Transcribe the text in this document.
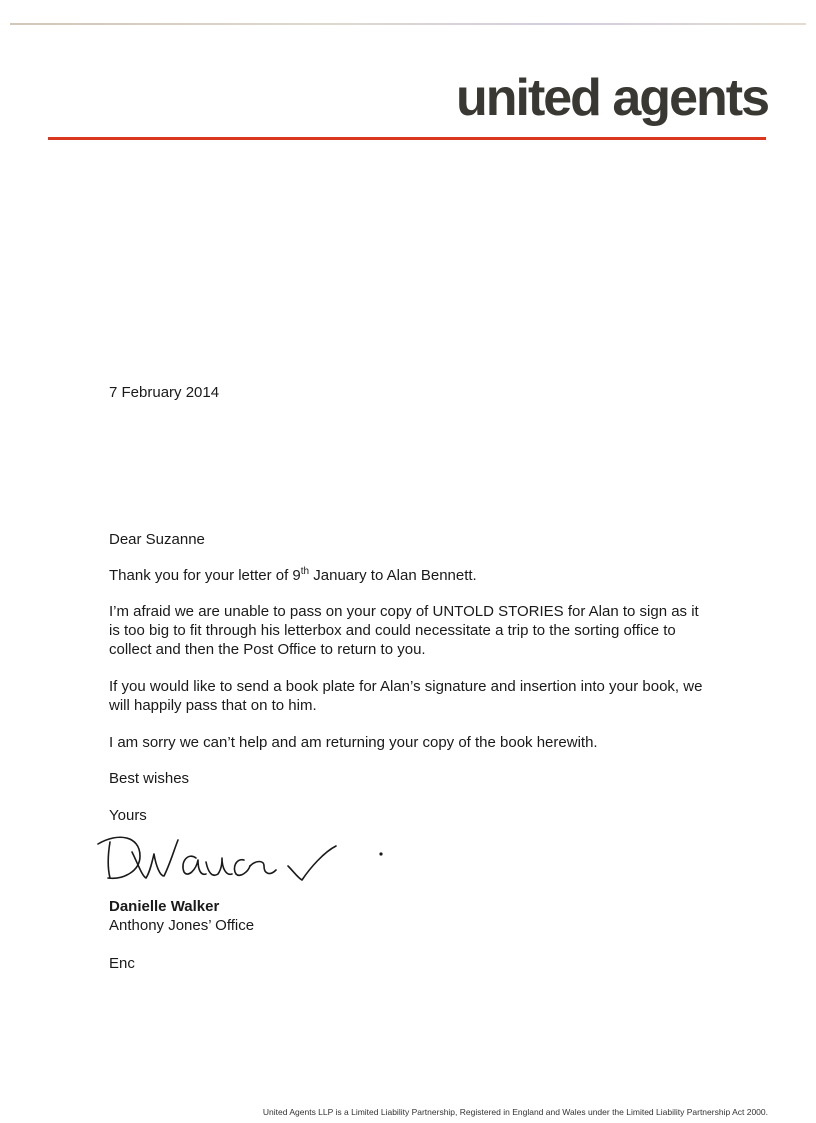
united agents
7 February 2014
Dear Suzanne
Thank you for your letter of 9th January to Alan Bennett.
I’m afraid we are unable to pass on your copy of UNTOLD STORIES for Alan to sign as it is too big to fit through his letterbox and could necessitate a trip to the sorting office to collect and then the Post Office to return to you.
If you would like to send a book plate for Alan’s signature and insertion into your book, we will happily pass that on to him.
I am sorry we can’t help and am returning your copy of the book herewith.
Best wishes
Yours
Danielle Walker
Anthony Jones’ Office
Enc
United Agents LLP is a Limited Liability Partnership, Registered in England and Wales under the Limited Liability Partnership Act 2000.
